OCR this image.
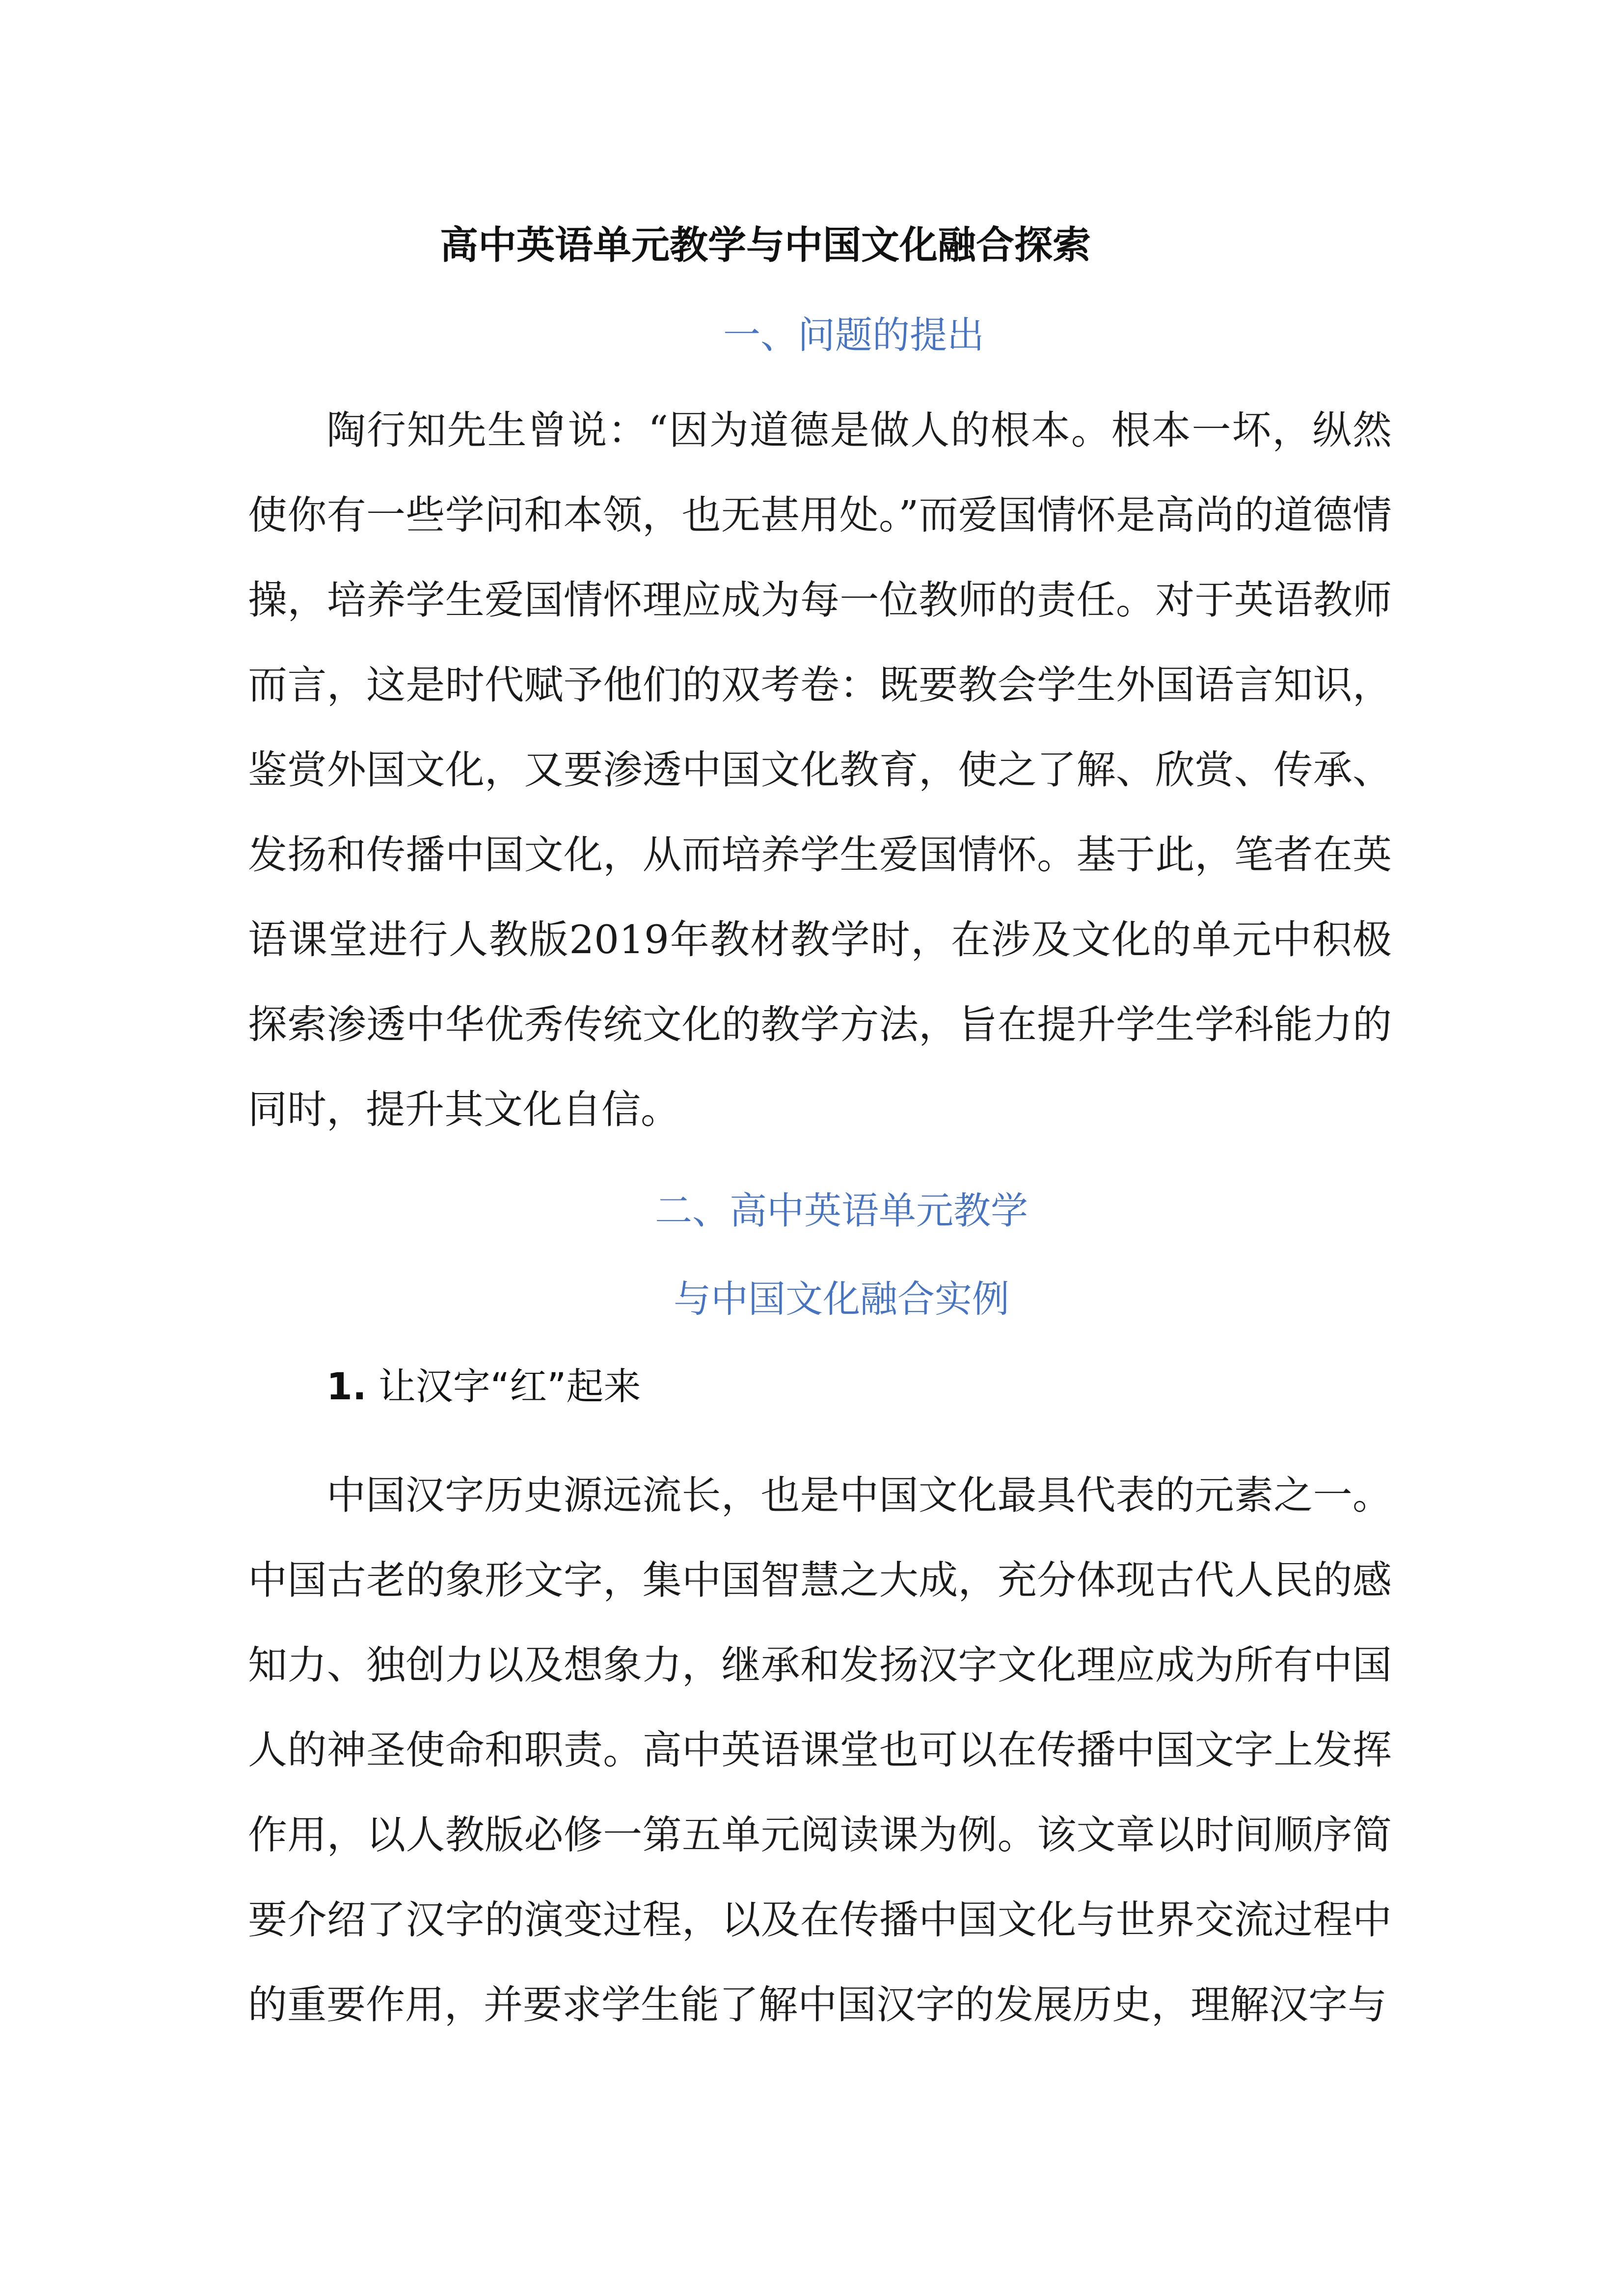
高中英语单元教学与中国文化融合探索
一、问题的提出
陶行知先生曾说：“因为道德是做人的根本。根本一坏，纵然使你有一些学问和本领，也无甚用处。”而爱国情怀是高尚的道德情操，培养学生爱国情怀理应成为每一位教师的责任。对于英语教师而言，这是时代赋予他们的双考卷：既要教会学生外国语言知识，鉴赏外国文化，又要渗透中国文化教育，使之了解、欣赏、传承、发扬和传播中国文化，从而培养学生爱国情怀。基于此，笔者在英语课堂进行人教版2019年教材教学时，在涉及文化的单元中积极探索渗透中华优秀传统文化的教学方法，旨在提升学生学科能力的同时，提升其文化自信。
二、高中英语单元教学
与中国文化融合实例
1. 让汉字“红”起来
中国汉字历史源远流长，也是中国文化最具代表的元素之一。中国古老的象形文字，集中国智慧之大成，充分体现古代人民的感知力、独创力以及想象力，继承和发扬汉字文化理应成为所有中国人的神圣使命和职责。高中英语课堂也可以在传播中国文字上发挥作用，以人教版必修一第五单元阅读课为例。该文章以时间顺序简要介绍了汉字的演变过程，以及在传播中国文化与世界交流过程中的重要作用，并要求学生能了解中国汉字的发展历史，理解汉字与
